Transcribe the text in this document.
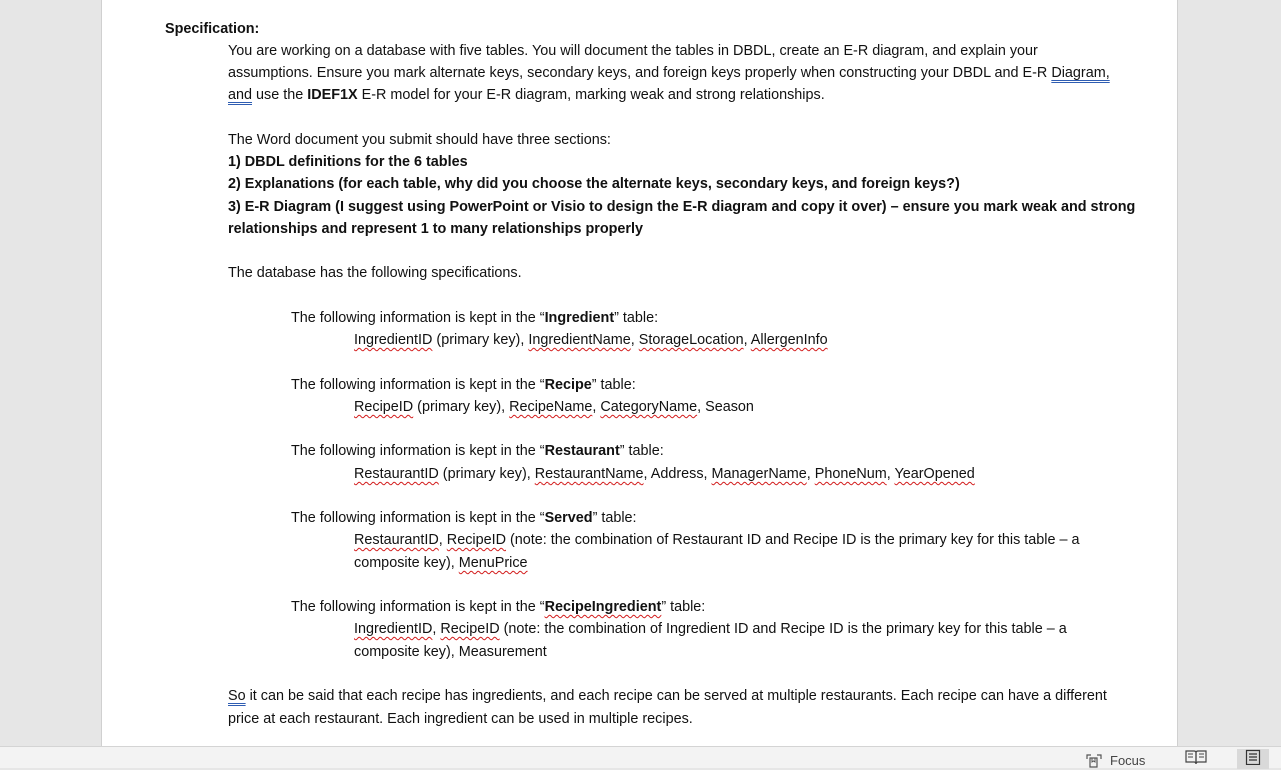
Specification:
You are working on a database with five tables. You will document the tables in DBDL, create an E-R diagram, and explain your
assumptions. Ensure you mark alternate keys, secondary keys, and foreign keys properly when constructing your DBDL and E-R Diagram,
and use the IDEF1X E-R model for your E-R diagram, marking weak and strong relationships.
The Word document you submit should have three sections:
1) DBDL definitions for the 6 tables
2) Explanations (for each table, why did you choose the alternate keys, secondary keys, and foreign keys?)
3) E-R Diagram (I suggest using PowerPoint or Visio to design the E-R diagram and copy it over) – ensure you mark weak and strong
relationships and represent 1 to many relationships properly
The database has the following specifications.
The following information is kept in the “Ingredient” table:
IngredientID (primary key), IngredientName, StorageLocation, AllergenInfo
The following information is kept in the “Recipe” table:
RecipeID (primary key), RecipeName, CategoryName, Season
The following information is kept in the “Restaurant” table:
RestaurantID (primary key), RestaurantName, Address, ManagerName, PhoneNum, YearOpened
The following information is kept in the “Served” table:
RestaurantID, RecipeID (note: the combination of Restaurant ID and Recipe ID is the primary key for this table – a
composite key), MenuPrice
The following information is kept in the “RecipeIngredient” table:
IngredientID, RecipeID (note: the combination of Ingredient ID and Recipe ID is the primary key for this table – a
composite key), Measurement
So it can be said that each recipe has ingredients, and each recipe can be served at multiple restaurants. Each recipe can have a different
price at each restaurant. Each ingredient can be used in multiple recipes.
Focus
